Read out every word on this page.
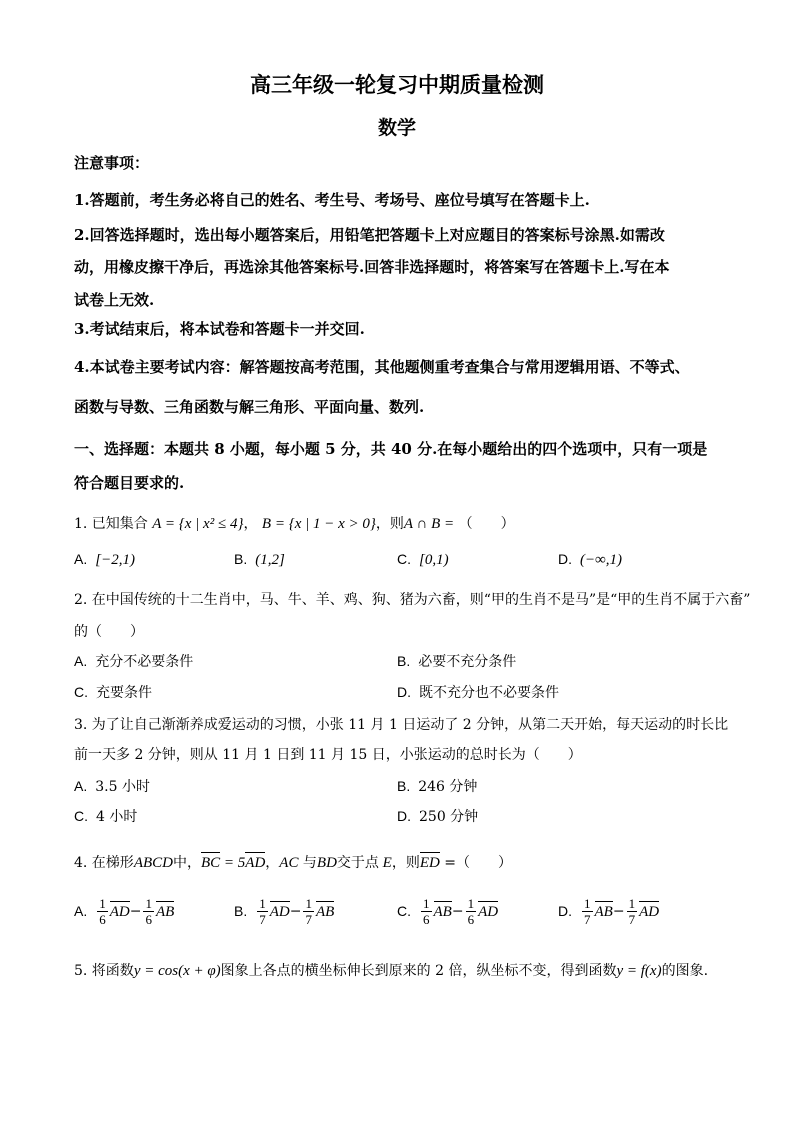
高三年级一轮复习中期质量检测
数学
注意事项：
1.答题前，考生务必将自己的姓名、考生号、考场号、座位号填写在答题卡上.
2.回答选择题时，选出每小题答案后，用铅笔把答题卡上对应题目的答案标号涂黑.如需改
动，用橡皮擦干净后，再选涂其他答案标号.回答非选择题时，将答案写在答题卡上.写在本
试卷上无效.
3.考试结束后，将本试卷和答题卡一并交回.
4.本试卷主要考试内容：解答题按高考范围，其他题侧重考查集合与常用逻辑用语、不等式、
函数与导数、三角函数与解三角形、平面向量、数列.
一、选择题：本题共 8 小题，每小题 5 分，共 40 分.在每小题给出的四个选项中，只有一项是
符合题目要求的.
1. 已知集合 A = {x | x² ≤ 4}， B = {x | 1 − x > 0}，则A ∩ B = （　　）
A. [−2,1)	B. (1,2]	C. [0,1)	D. (−∞,1)
2. 在中国传统的十二生肖中，马、牛、羊、鸡、狗、猪为六畜，则“甲的生肖不是马”是“甲的生肖不属于六畜”
的（　　）
A. 充分不必要条件	B. 必要不充分条件
C. 充要条件	D. 既不充分也不必要条件
3. 为了让自己渐渐养成爱运动的习惯，小张 11 月 1 日运动了 2 分钟，从第二天开始，每天运动的时长比
前一天多 2 分钟，则从 11 月 1 日到 11 月 15 日，小张运动的总时长为（　　）
A. 3.5 小时	B. 246 分钟
C. 4 小时	D. 250 分钟
4. 在梯形ABCD中，BC = 5AD，AC 与BD交于点 E，则ED =（　　）
A. $\frac{1}{6} AD- \frac{1}{6}$ AB	B. $\frac{1}{7} AD- \frac{1}{7}$ AB	C. $\frac{1}{6} AB- \frac{1}{6}$ AD	D. $\frac{1}{7} AB- \frac{1}{7}$ AD
5. 将函数y = cos(x + φ)图象上各点的横坐标伸长到原来的 2 倍，纵坐标不变，得到函数y = f(x)的图象.
